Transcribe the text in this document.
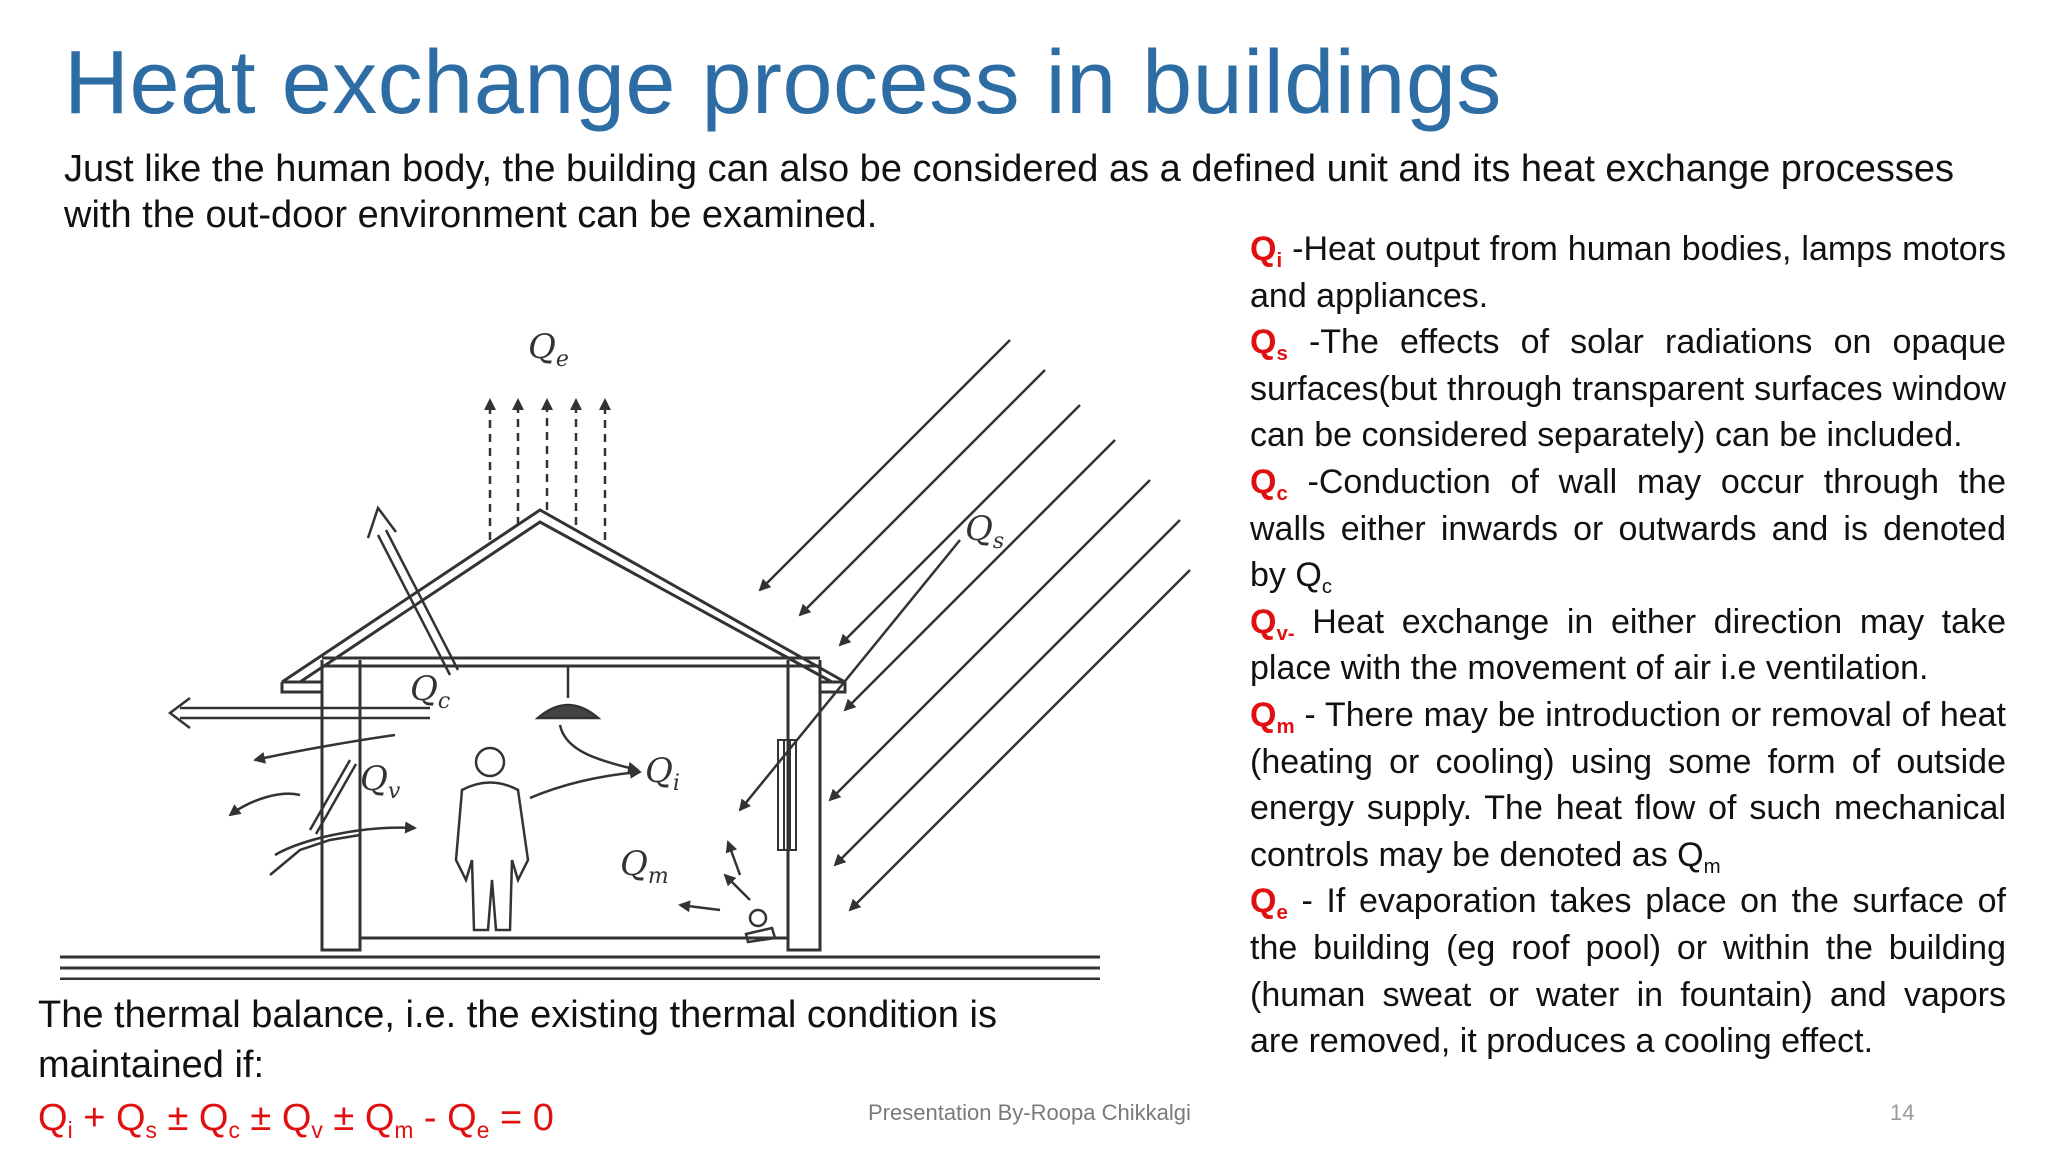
Heat exchange process in buildings

Just like the human body, the building can also be considered as a defined unit and its heat exchange processes with the out-door environment can be examined.

$Q_e$
$Q_s$
$Q_c$
$Q_v$
$Q_i$
$Q_m$

$Q_i$ -Heat output from human bodies, lamps motors and appliances.

$Q_s$ -The effects of solar radiations on opaque surfaces(but through transparent surfaces window can be considered separately) can be included.

$Q_c$ -Conduction of wall may occur through the walls either inwards or outwards and is denoted by $Q_c$

$Q_{v-}$ Heat exchange in either direction may take place with the movement of air i.e ventilation.

$Q_m$ - There may be introduction or removal of heat (heating or cooling) using some form of outside energy supply. The heat flow of such mechanical controls may be denoted as $Q_m$

$Q_e$ - If evaporation takes place on the surface of the building (eg roof pool) or within the building (human sweat or water in fountain) and vapors are removed, it produces a cooling effect.

The thermal balance, i.e. the existing thermal condition is maintained if:

$Q_i + Q_s \pm Q_c \pm Q_v \pm Q_m - Q_e = 0$	Presentation By-Roopa Chikkalgi	14
